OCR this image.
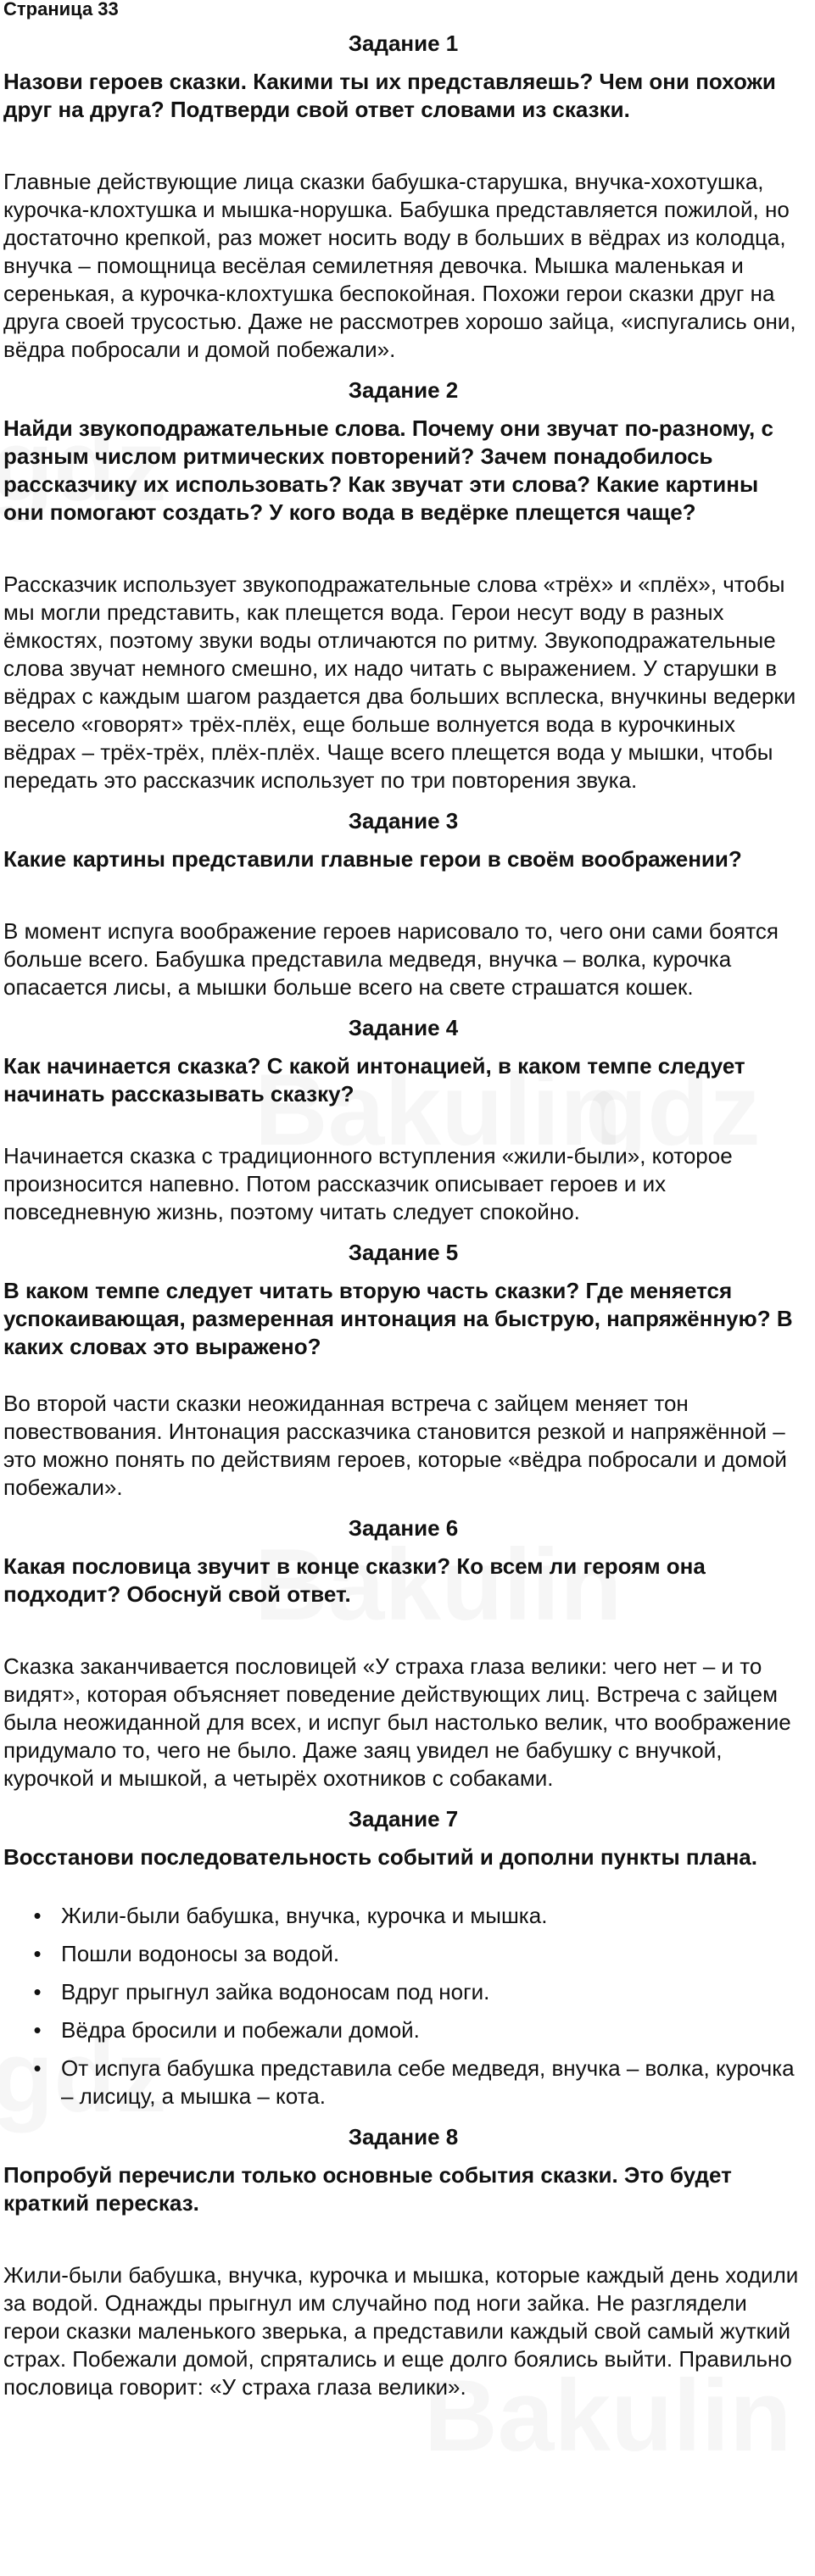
Страница 33
Задание 1

Назови героев сказки. Какими ты их представляешь? Чем они похожи друг на друга? Подтверди свой ответ словами из сказки.

Главные действующие лица сказки бабушка-старушка, внучка-хохотушка, курочка-клохтушка и мышка-норушка. Бабушка представляется пожилой, но достаточно крепкой, раз может носить воду в больших в вёдрах из колодца, внучка – помощница весёлая семилетняя девочка. Мышка маленькая и серенькая, а курочка-клохтушка беспокойная. Похожи герои сказки друг на друга своей трусостью. Даже не рассмотрев хорошо зайца, «испугались они, вёдра побросали и домой побежали».

Задание 2

Найди звукоподражательные слова. Почему они звучат по-разному, с разным числом ритмических повторений? Зачем понадобилось рассказчику их использовать? Как звучат эти слова? Какие картины они помогают создать? У кого вода в ведёрке плещется чаще?

Рассказчик использует звукоподражательные слова «трёх» и «плёх», чтобы мы могли представить, как плещется вода. Герои несут воду в разных ёмкостях, поэтому звуки воды отличаются по ритму. Звукоподражательные слова звучат немного смешно, их надо читать с выражением. У старушки в вёдрах с каждым шагом раздается два больших всплеска, внучкины ведерки весело «говорят» трёх-плёх, еще больше волнуется вода в курочкиных вёдрах – трёх-трёх, плёх-плёх. Чаще всего плещется вода у мышки, чтобы передать это рассказчик использует по три повторения звука.

Задание 3

Какие картины представили главные герои в своём воображении?

В момент испуга воображение героев нарисовало то, чего они сами боятся больше всего. Бабушка представила медведя, внучка – волка, курочка опасается лисы, а мышки больше всего на свете страшатся кошек.

Задание 4

Как начинается сказка? С какой интонацией, в каком темпе следует начинать рассказывать сказку?

Начинается сказка с традиционного вступления «жили-были», которое произносится напевно. Потом рассказчик описывает героев и их повседневную жизнь, поэтому читать следует спокойно.

Задание 5

В каком темпе следует читать вторую часть сказки? Где меняется успокаивающая, размеренная интонация на быструю, напряжённую? В каких словах это выражено?

Во второй части сказки неожиданная встреча с зайцем меняет тон повествования. Интонация рассказчика становится резкой и напряжённой – это можно понять по действиям героев, которые «вёдра побросали и домой побежали».

Задание 6

Какая пословица звучит в конце сказки? Ко всем ли героям она подходит? Обоснуй свой ответ.

Сказка заканчивается пословицей «У страха глаза велики: чего нет – и то видят», которая объясняет поведение действующих лиц. Встреча с зайцем была неожиданной для всех, и испуг был настолько велик, что воображение придумало то, чего не было. Даже заяц увидел не бабушку с внучкой, курочкой и мышкой, а четырёх охотников с собаками.

Задание 7

Восстанови последовательность событий и дополни пункты плана.

• Жили-были бабушка, внучка, курочка и мышка.
• Пошли водоносы за водой.
• Вдруг прыгнул зайка водоносам под ноги.
• Вёдра бросили и побежали домой.
• От испуга бабушка представила себе медведя, внучка – волка, курочка – лисицу, а мышка – кота.
Задание 8

Попробуй перечисли только основные события сказки. Это будет краткий пересказ.

Жили-были бабушка, внучка, курочка и мышка, которые каждый день ходили за водой. Однажды прыгнул им случайно под ноги зайка. Не разглядели герои сказки маленького зверька, а представили каждый свой самый жуткий страх. Побежали домой, спрятались и еще долго боялись выйти. Правильно пословица говорит: «У страха глаза велики».
